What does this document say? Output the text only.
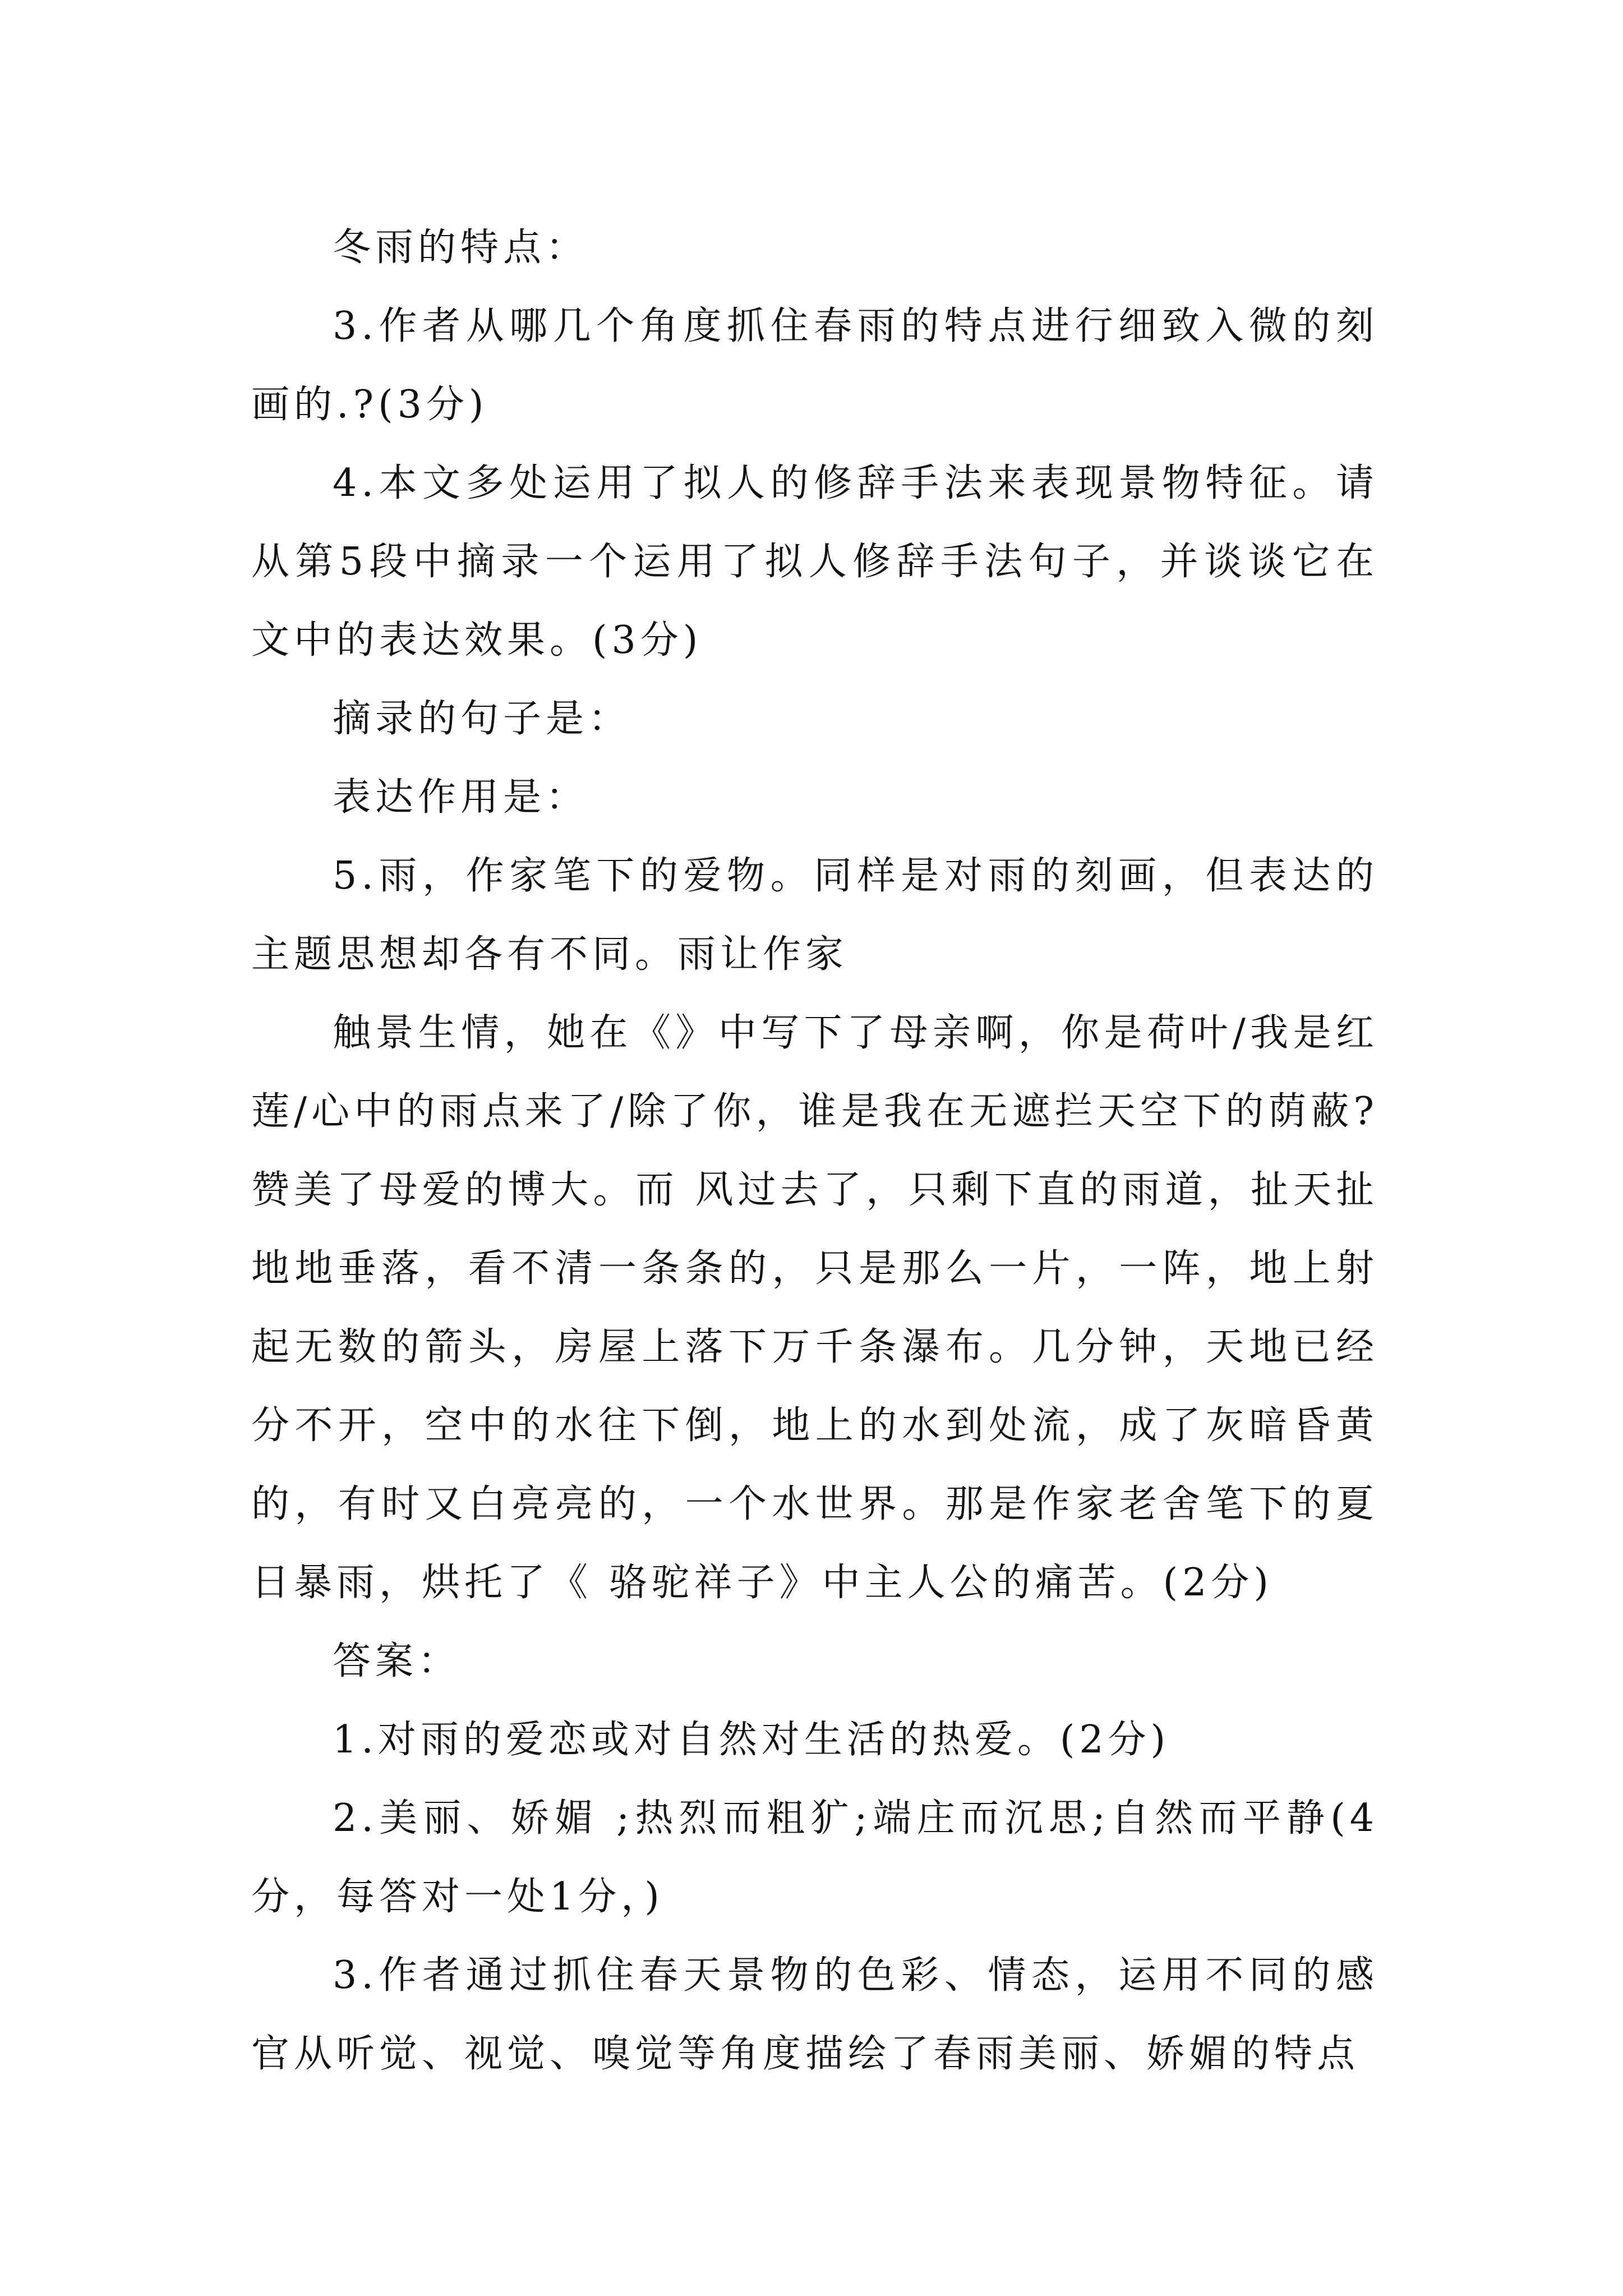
冬雨的特点：

3.作者从哪几个角度抓住春雨的特点进行细致入微的刻画的.?(3分)

4.本文多处运用了拟人的修辞手法来表现景物特征。请从第5段中摘录一个运用了拟人修辞手法句子，并谈谈它在文中的表达效果。(3分)

摘录的句子是：

表达作用是：

5.雨，作家笔下的爱物。同样是对雨的刻画，但表达的主题思想却各有不同。雨让作家

触景生情，她在《》中写下了母亲啊，你是荷叶/我是红莲/心中的雨点来了/除了你，谁是我在无遮拦天空下的荫蔽?赞美了母爱的博大。而 风过去了，只剩下直的雨道，扯天扯地地垂落，看不清一条条的，只是那么一片，一阵，地上射起无数的箭头，房屋上落下万千条瀑布。几分钟，天地已经分不开，空中的水往下倒，地上的水到处流，成了灰暗昏黄的，有时又白亮亮的，一个水世界。那是作家老舍笔下的夏日暴雨，烘托了《 骆驼祥子》中主人公的痛苦。(2分)

答案：

1.对雨的爱恋或对自然对生活的热爱。(2分)

2.美丽、娇媚 ;热烈而粗犷;端庄而沉思;自然而平静(4分，每答对一处1分，)

3.作者通过抓住春天景物的色彩、情态，运用不同的感官从听觉、视觉、嗅觉等角度描绘了春雨美丽、娇媚的特点
